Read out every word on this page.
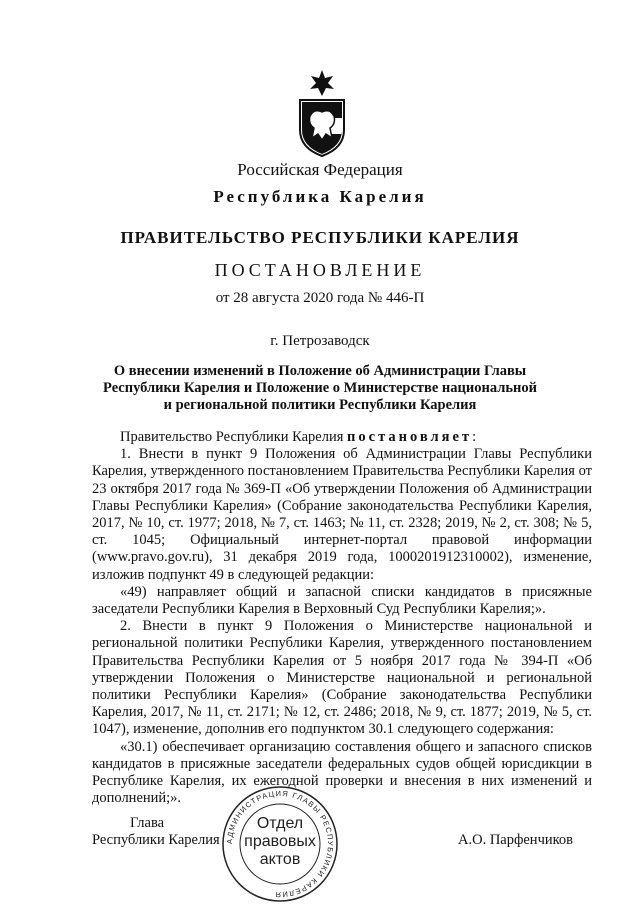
Российская Федерация
Республика Карелия
ПРАВИТЕЛЬСТВО РЕСПУБЛИКИ КАРЕЛИЯ
ПОСТАНОВЛЕНИЕ
от 28 августа 2020 года № 446-П
г. Петрозаводск
О внесении изменений в Положение об Администрации Главы
Республики Карелия и Положение о Министерстве национальной
и региональной политики Республики Карелия

Правительство Республики Карелия постановляет:

1. Внести в пункт 9 Положения об Администрации Главы Республики Карелия, утвержденного постановлением Правительства Республики Карелия от 23 октября 2017 года № 369-П «Об утверждении Положения об Администрации Главы Республики Карелия» (Собрание законодательства Республики Карелия, 2017, № 10, ст. 1977; 2018, № 7, ст. 1463; № 11, ст. 2328; 2019, № 2, ст. 308; № 5, ст. 1045; Официальный интернет-портал правовой информации (www.pravo.gov.ru), 31 декабря 2019 года, 1000201912310002), изменение, изложив подпункт 49 в следующей редакции:

«49) направляет общий и запасной списки кандидатов в присяжные заседатели Республики Карелия в Верховный Суд Республики Карелия;».

2. Внести в пункт 9 Положения о Министерстве национальной и региональной политики Республики Карелия, утвержденного постановлением Правительства Республики Карелия от 5 ноября 2017 года № 394-П «Об утверждении Положения о Министерстве национальной и региональной политики Республики Карелия» (Собрание законодательства Республики Карелия, 2017, № 11, ст. 2171; № 12, ст. 2486; 2018, № 9, ст. 1877; 2019, № 5, ст. 1047), изменение, дополнив его подпунктом 30.1 следующего содержания:

«30.1) обеспечивает организацию составления общего и запасного списков кандидатов в присяжные заседатели федеральных судов общей юрисдикции в Республике Карелия, их ежегодной проверки и внесения в них изменений и дополнений;».

Глава
Республики Карелия АДМИНИСТРАЦИЯ ГЛАВЫ РЕСПУБЛИКИ КАРЕЛИЯ
Отдел
правовых
актов
А.О. Парфенчиков
